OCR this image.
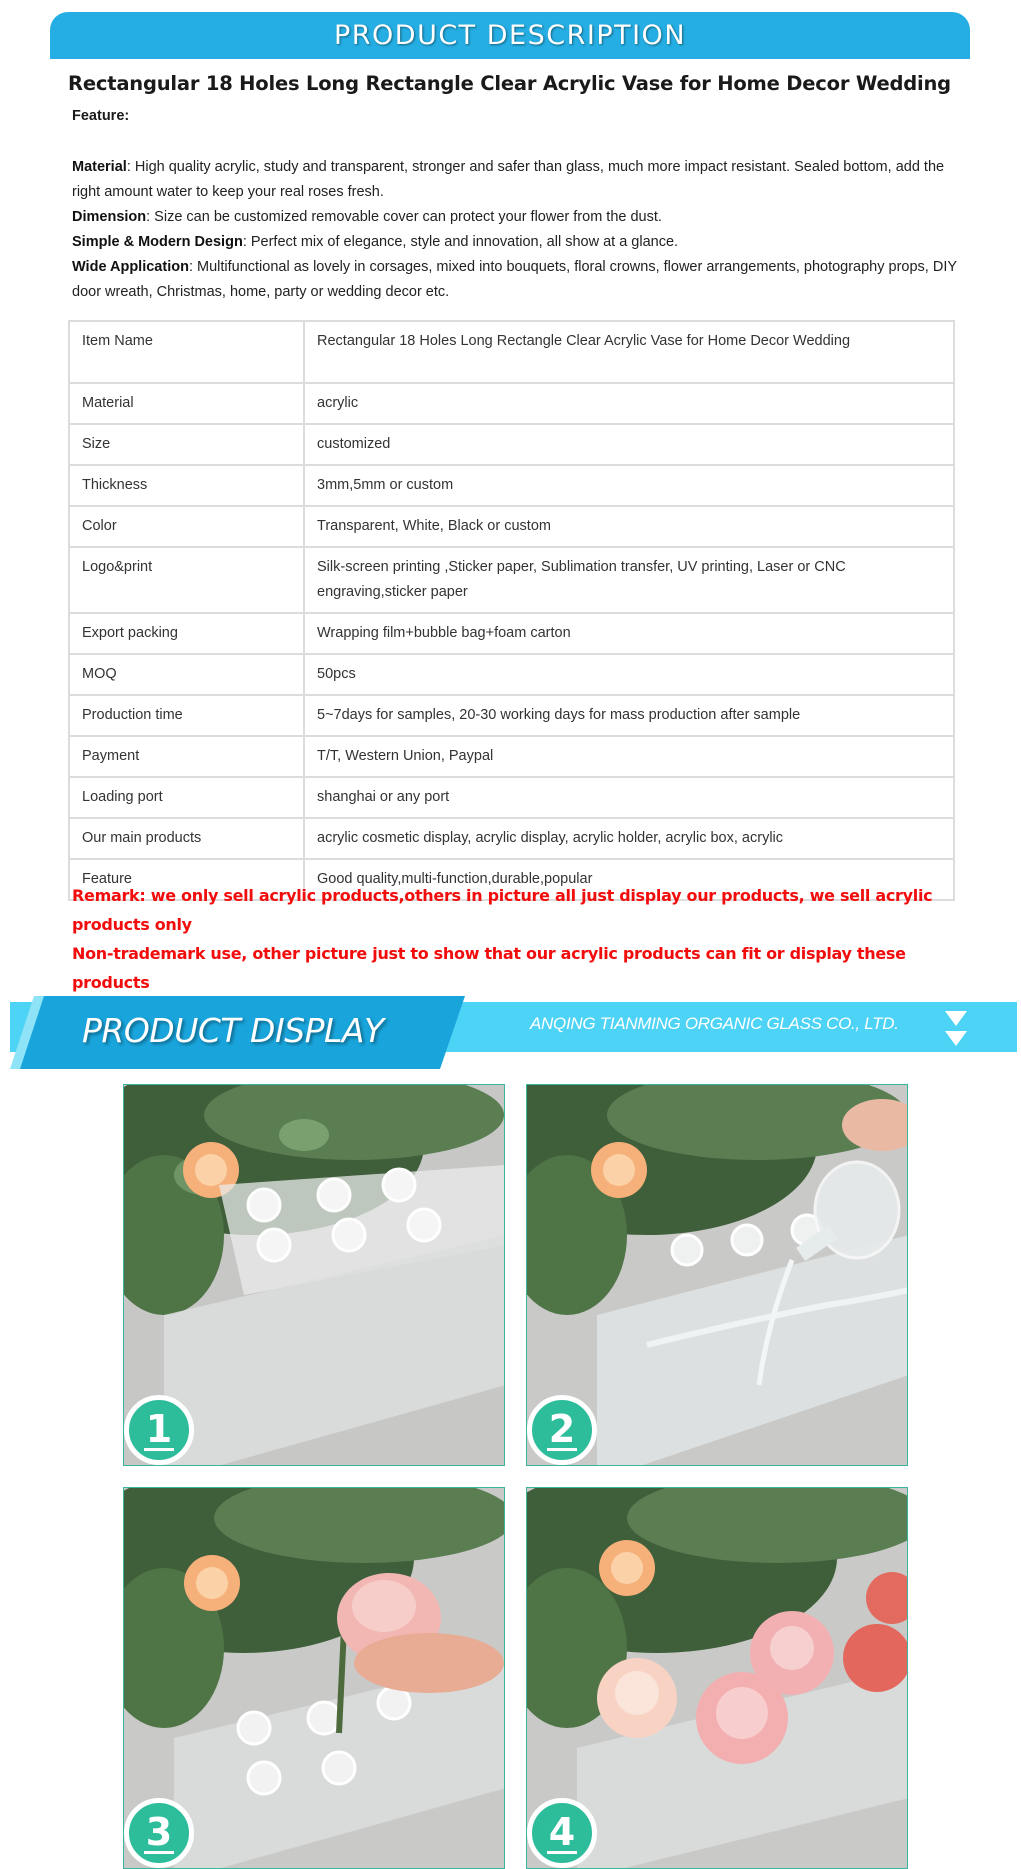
PRODUCT DESCRIPTION
Rectangular 18 Holes Long Rectangle Clear Acrylic Vase for Home Decor Wedding
Feature:
Material: High quality acrylic, study and transparent, stronger and safer than glass, much more impact resistant. Sealed bottom, add the right amount water to keep your real roses fresh.
Dimension: Size can be customized removable cover can protect your flower from the dust.
Simple & Modern Design: Perfect mix of elegance, style and innovation, all show at a glance.
Wide Application: Multifunctional as lovely in corsages, mixed into bouquets, floral crowns, flower arrangements, photography props, DIY door wreath, Christmas, home, party or wedding decor etc.
Item Name	Rectangular 18 Holes Long Rectangle Clear Acrylic Vase for Home Decor Wedding
Material	acrylic
Size	customized
Thickness	3mm,5mm or custom
Color	Transparent, White, Black or custom
Logo&print	Silk-screen printing ,Sticker paper, Sublimation transfer, UV printing, Laser or CNC engraving,sticker paper
Export packing	Wrapping film+bubble bag+foam carton
MOQ	50pcs
Production time	5~7days for samples, 20-30 working days for mass production after sample
Payment	T/T, Western Union, Paypal
Loading port	shanghai or any port
Our main products	acrylic cosmetic display, acrylic display, acrylic holder, acrylic box, acrylic
Feature	Good quality,multi-function,durable,popular
Remark: we only sell acrylic products,others in picture all just display our products, we sell acrylic products only
Non-trademark use, other picture just to show that our acrylic products can fit or display these products
PRODUCT DISPLAY	ANQING TIANMING ORGANIC GLASS CO., LTD.
1	2
3	4
